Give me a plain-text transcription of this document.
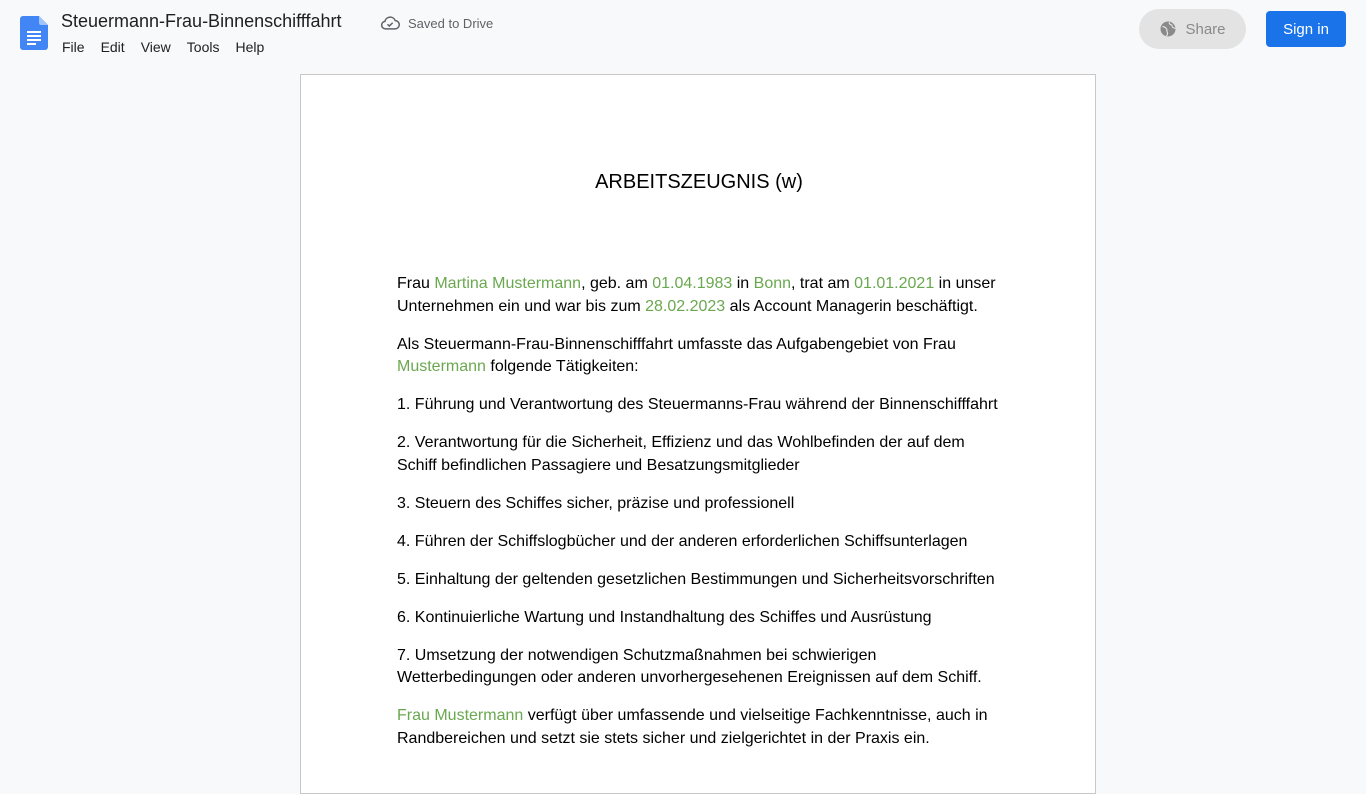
Steuermann-Frau-Binnenschifffahrt	Saved to Drive
File	Edit	View	Tools	Help
Share	Sign in
ARBEITSZEUGNIS (w)

Frau Martina Mustermann, geb. am 01.04.1983 in Bonn, trat am 01.01.2021 in unser Unternehmen ein und war bis zum 28.02.2023 als Account Managerin beschäftigt.

Als Steuermann-Frau-Binnenschifffahrt umfasste das Aufgabengebiet von Frau Mustermann folgende Tätigkeiten:

1. Führung und Verantwortung des Steuermanns-Frau während der Binnenschifffahrt

2. Verantwortung für die Sicherheit, Effizienz und das Wohlbefinden der auf dem Schiff befindlichen Passagiere und Besatzungsmitglieder

3. Steuern des Schiffes sicher, präzise und professionell

4. Führen der Schiffslogbücher und der anderen erforderlichen Schiffsunterlagen

5. Einhaltung der geltenden gesetzlichen Bestimmungen und Sicherheitsvorschriften

6. Kontinuierliche Wartung und Instandhaltung des Schiffes und Ausrüstung

7. Umsetzung der notwendigen Schutzmaßnahmen bei schwierigen Wetterbedingungen oder anderen unvorhergesehenen Ereignissen auf dem Schiff.

Frau Mustermann verfügt über umfassende und vielseitige Fachkenntnisse, auch in Randbereichen und setzt sie stets sicher und zielgerichtet in der Praxis ein.
